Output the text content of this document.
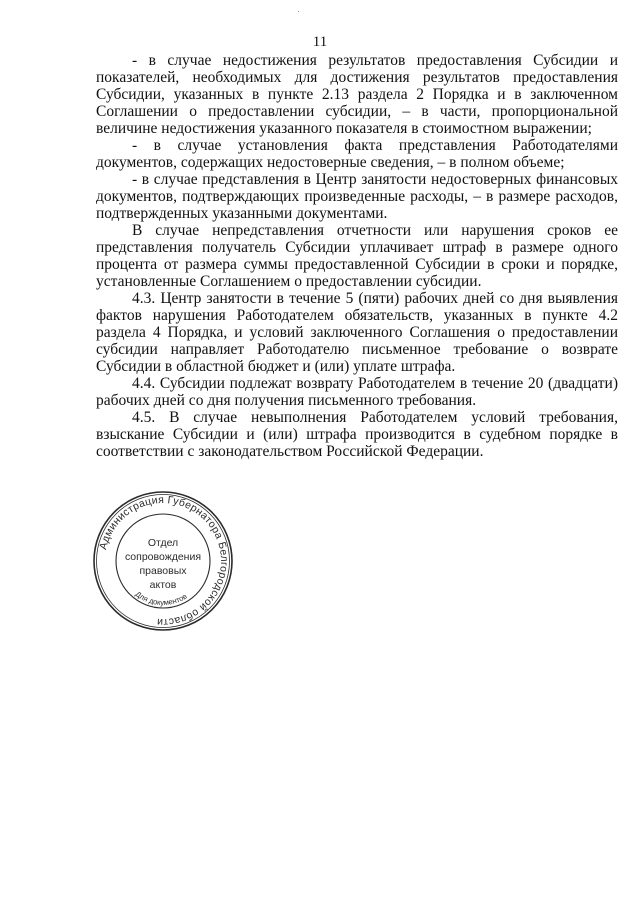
11

- в случае недостижения результатов предоставления Субсидии и показателей, необходимых для достижения результатов предоставления Субсидии, указанных в пункте 2.13 раздела 2 Порядка и в заключенном Соглашении о предоставлении субсидии, – в части, пропорциональной величине недостижения указанного показателя в стоимостном выражении;

- в случае установления факта представления Работодателями документов, содержащих недостоверные сведения, – в полном объеме;

- в случае представления в Центр занятости недостоверных финансовых документов, подтверждающих произведенные расходы, – в размере расходов, подтвержденных указанными документами.

В случае непредставления отчетности или нарушения сроков ее представления получатель Субсидии уплачивает штраф в размере одного процента от размера суммы предоставленной Субсидии в сроки и порядке, установленные Соглашением о предоставлении субсидии.

4.3. Центр занятости в течение 5 (пяти) рабочих дней со дня выявления фактов нарушения Работодателем обязательств, указанных в пункте 4.2 раздела 4 Порядка, и условий заключенного Соглашения о предоставлении субсидии направляет Работодателю письменное требование о возврате Субсидии в областной бюджет и (или) уплате штрафа.

4.4. Субсидии подлежат возврату Работодателем в течение 20 (двадцати) рабочих дней со дня получения письменного требования.

4.5. В случае невыполнения Работодателем условий требования, взыскание Субсидии и (или) штрафа производится в судебном порядке в соответствии с законодательством Российской Федерации.

Администрация Губернатора Белгородской области
Для документов
Отдел
сопровождения
правовых
актов
